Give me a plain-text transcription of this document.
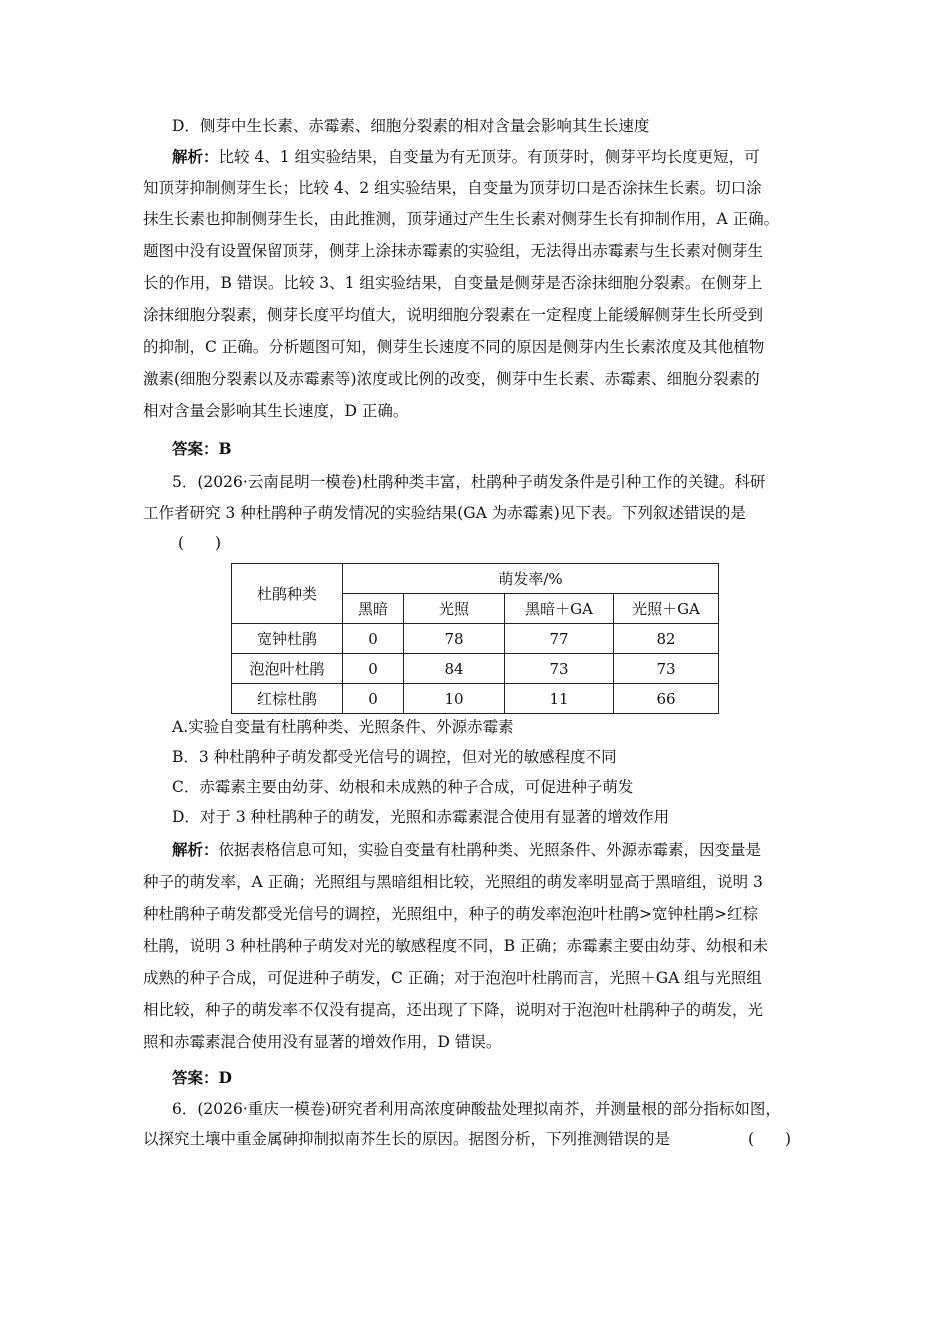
D．侧芽中生长素、赤霉素、细胞分裂素的相对含量会影响其生长速度
解析：比较 4、1 组实验结果，自变量为有无顶芽。有顶芽时，侧芽平均长度更短，可
知顶芽抑制侧芽生长；比较 4、2 组实验结果，自变量为顶芽切口是否涂抹生长素。切口涂
抹生长素也抑制侧芽生长，由此推测，顶芽通过产生生长素对侧芽生长有抑制作用，A 正确。
题图中没有设置保留顶芽，侧芽上涂抹赤霉素的实验组，无法得出赤霉素与生长素对侧芽生
长的作用，B 错误。比较 3、1 组实验结果，自变量是侧芽是否涂抹细胞分裂素。在侧芽上
涂抹细胞分裂素，侧芽长度平均值大，说明细胞分裂素在一定程度上能缓解侧芽生长所受到
的抑制，C 正确。分析题图可知，侧芽生长速度不同的原因是侧芽内生长素浓度及其他植物
激素(细胞分裂素以及赤霉素等)浓度或比例的改变，侧芽中生长素、赤霉素、细胞分裂素的
相对含量会影响其生长速度，D 正确。
答案：B
5．(2026·云南昆明一模卷)杜鹃种类丰富，杜鹃种子萌发条件是引种工作的关键。科研
工作者研究 3 种杜鹃种子萌发情况的实验结果(GA 为赤霉素)见下表。下列叙述错误的是
(　　)
杜鹃种类	萌发率/%			
	黑暗	光照	黑暗＋GA	光照＋GA
宽钟杜鹃	0	78	77	82
泡泡叶杜鹃	0	84	73	73
红棕杜鹃	0	10	11	66
A.实验自变量有杜鹃种类、光照条件、外源赤霉素
B．3 种杜鹃种子萌发都受光信号的调控，但对光的敏感程度不同
C．赤霉素主要由幼芽、幼根和未成熟的种子合成，可促进种子萌发
D．对于 3 种杜鹃种子的萌发，光照和赤霉素混合使用有显著的增效作用
解析：依据表格信息可知，实验自变量有杜鹃种类、光照条件、外源赤霉素，因变量是
种子的萌发率，A 正确；光照组与黑暗组相比较，光照组的萌发率明显高于黑暗组，说明 3
种杜鹃种子萌发都受光信号的调控，光照组中，种子的萌发率泡泡叶杜鹃>宽钟杜鹃>红棕
杜鹃，说明 3 种杜鹃种子萌发对光的敏感程度不同，B 正确；赤霉素主要由幼芽、幼根和未
成熟的种子合成，可促进种子萌发，C 正确；对于泡泡叶杜鹃而言，光照＋GA 组与光照组
相比较，种子的萌发率不仅没有提高，还出现了下降，说明对于泡泡叶杜鹃种子的萌发，光
照和赤霉素混合使用没有显著的增效作用，D 错误。
答案：D
6．(2026·重庆一模卷)研究者利用高浓度砷酸盐处理拟南芥，并测量根的部分指标如图，
以探究土壤中重金属砷抑制拟南芥生长的原因。据图分析，下列推测错误的是	(　　)
